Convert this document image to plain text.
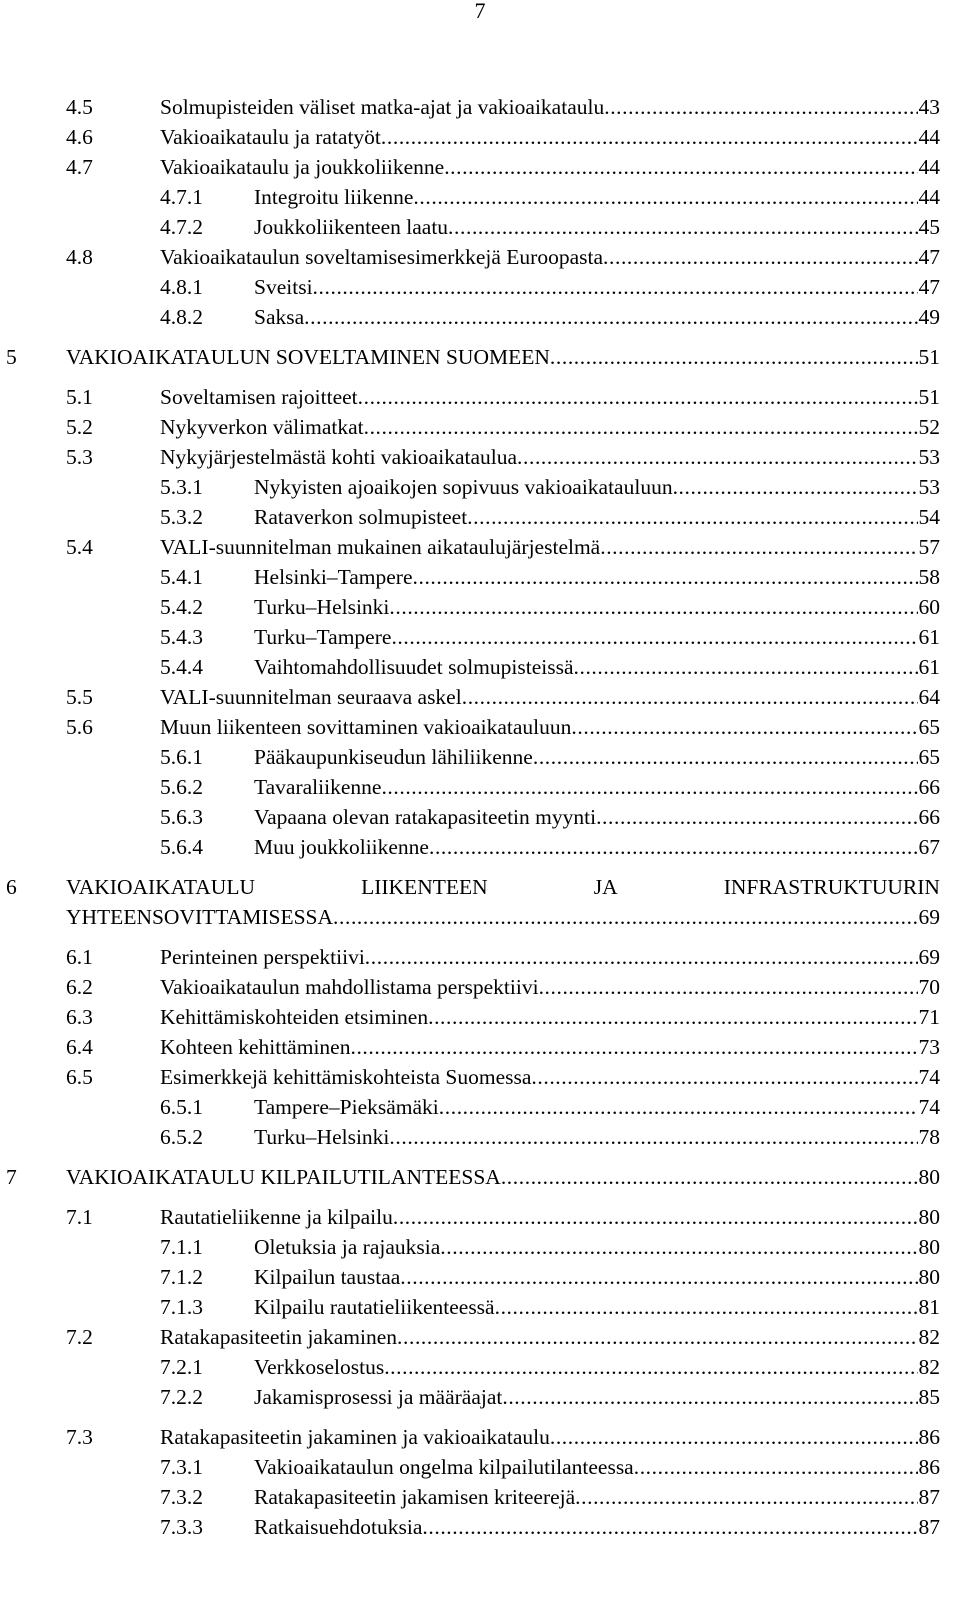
7
4.5	Solmupisteiden väliset matka-ajat ja vakioaikataulu .....	43
4.6	Vakioaikataulu ja ratatyöt .....	44
4.7	Vakioaikataulu ja joukkoliikenne .....	44
4.7.1 Integroitu liikenne .....	44
4.7.2 Joukkoliikenteen laatu .....	45
4.8	Vakioaikataulun soveltamisesimerkkejä Euroopasta .....	47
4.8.1 Sveitsi .....	47
4.8.2 Saksa .....	49
5 VAKIOAIKATAULUN SOVELTAMINEN SUOMEEN .....	51
5.1	Soveltamisen rajoitteet .....	51
5.2	Nykyverkon välimatkat .....	52
5.3	Nykyjärjestelmästä kohti vakioaikataulua .....	53
5.3.1 Nykyisten ajoaikojen sopivuus vakioaikatauluun .....	53
5.3.2 Rataverkon solmupisteet .....	54
5.4	VALI-suunnitelman mukainen aikataulujärjestelmä .....	57
5.4.1 Helsinki–Tampere .....	58
5.4.2 Turku–Helsinki .....	60
5.4.3 Turku–Tampere .....	61
5.4.4 Vaihtomahdollisuudet solmupisteissä .....	61
5.5	VALI-suunnitelman seuraava askel .....	64
5.6	Muun liikenteen sovittaminen vakioaikatauluun .....	65
5.6.1 Pääkaupunkiseudun lähiliikenne .....	65
5.6.2 Tavaraliikenne .....	66
5.6.3 Vapaana olevan ratakapasiteetin myynti .....	66
5.6.4 Muu joukkoliikenne .....	67
6 VAKIOAIKATAULU	LIIKENTEEN	JA	INFRASTRUKTUURIN
YHTEENSOVITTAMISESSA .....	69
6.1	Perinteinen perspektiivi .....	69
6.2	Vakioaikataulun mahdollistama perspektiivi .....	70
6.3	Kehittämiskohteiden etsiminen .....	71
6.4	Kohteen kehittäminen .....	73
6.5	Esimerkkejä kehittämiskohteista Suomessa .....	74
6.5.1 Tampere–Pieksämäki .....	74
6.5.2 Turku–Helsinki .....	78
7 VAKIOAIKATAULU KILPAILUTILANTEESSA .....	80
7.1	Rautatieliikenne ja kilpailu .....	80
7.1.1 Oletuksia ja rajauksia .....	80
7.1.2 Kilpailun taustaa .....	80
7.1.3 Kilpailu rautatieliikenteessä .....	81
7.2	Ratakapasiteetin jakaminen .....	82
7.2.1 Verkkoselostus .....	82
7.2.2 Jakamisprosessi ja määräajat .....	85
7.3	Ratakapasiteetin jakaminen ja vakioaikataulu .....	86
7.3.1 Vakioaikataulun ongelma kilpailutilanteessa .....	86
7.3.2 Ratakapasiteetin jakamisen kriteerejä .....	87
7.3.3 Ratkaisuehdotuksia .....	87
